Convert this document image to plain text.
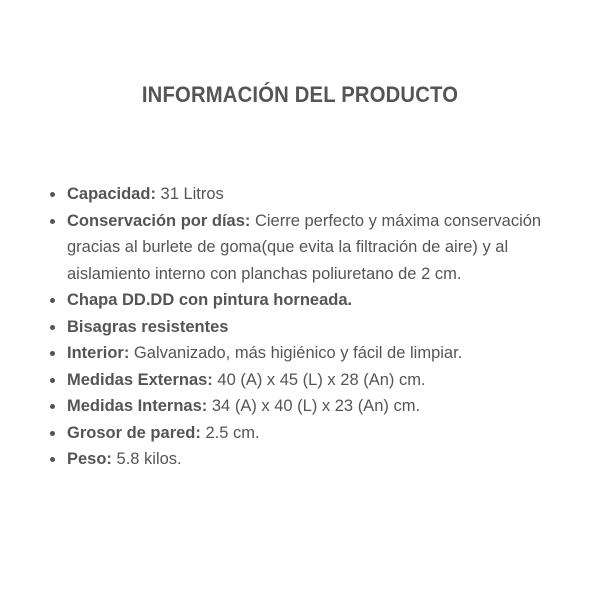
INFORMACIÓN DEL PRODUCTO
Capacidad: 31 Litros
Conservación por días: Cierre perfecto y máxima conservación gracias al burlete de goma(que evita la filtración de aire) y al aislamiento interno con planchas poliuretano de 2 cm.
Chapa DD.DD con pintura horneada.
Bisagras resistentes
Interior: Galvanizado, más higiénico y fácil de limpiar.
Medidas Externas: 40 (A) x 45 (L) x 28 (An) cm.
Medidas Internas: 34 (A) x 40 (L) x 23 (An) cm.
Grosor de pared: 2.5 cm.
Peso: 5.8 kilos.
